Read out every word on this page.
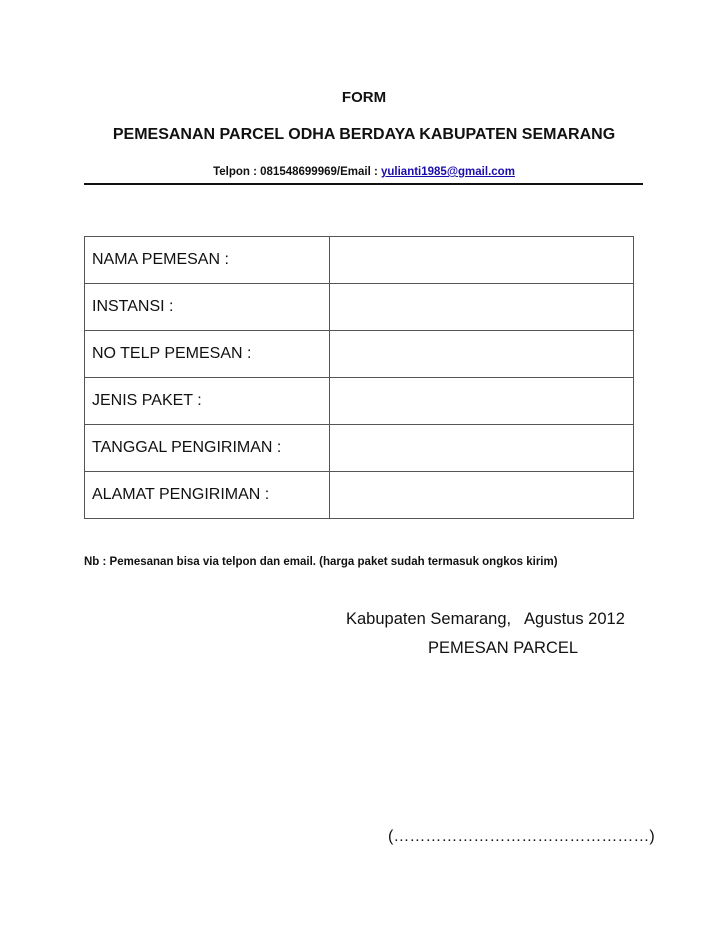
FORM
PEMESANAN PARCEL ODHA BERDAYA KABUPATEN SEMARANG
Telpon : 081548699969/Email : yulianti1985@gmail.com
NAMA PEMESAN :	
INSTANSI :	
NO TELP PEMESAN :	
JENIS PAKET :	
TANGGAL PENGIRIMAN :	
ALAMAT PENGIRIMAN :	
Nb : Pemesanan bisa via telpon dan email. (harga paket sudah termasuk ongkos kirim)
Kabupaten Semarang,   Agustus 2012
PEMESAN PARCEL
(…………………………………………)
